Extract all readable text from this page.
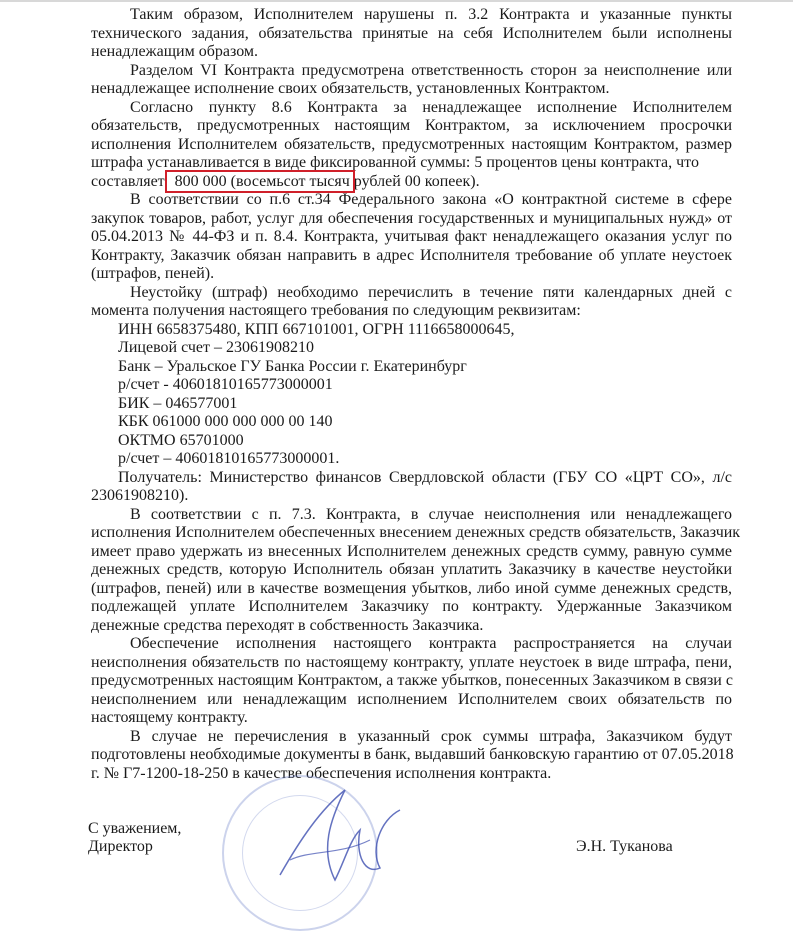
Таким образом, Исполнителем нарушены п. 3.2 Контракта и указанные пункты
технического задания, обязательства принятые на себя Исполнителем были исполнены
ненадлежащим образом.
Разделом VI Контракта предусмотрена ответственность сторон за неисполнение или
ненадлежащее исполнение своих обязательств, установленных Контрактом.
Согласно пункту 8.6 Контракта за ненадлежащее исполнение Исполнителем
обязательств, предусмотренных настоящим Контрактом, за исключением просрочки
исполнения Исполнителем обязательств, предусмотренных настоящим Контрактом, размер
штрафа устанавливается в виде фиксированной суммы: 5 процентов цены контракта, что
составляет 800 000 (восемьсот тысяч рублей 00 копеек).
В соответствии со п.6 ст.34 Федерального закона «О контрактной системе в сфере
закупок товаров, работ, услуг для обеспечения государственных и муниципальных нужд» от
05.04.2013 № 44-ФЗ и п. 8.4. Контракта, учитывая факт ненадлежащего оказания услуг по
Контракту, Заказчик обязан направить в адрес Исполнителя требование об уплате неустоек
(штрафов, пеней).
Неустойку (штраф) необходимо перечислить в течение пяти календарных дней с
момента получения настоящего требования по следующим реквизитам:
ИНН 6658375480, КПП 667101001, ОГРН 1116658000645,
Лицевой счет – 23061908210
Банк – Уральское ГУ Банка России г. Екатеринбург
р/счет - 40601810165773000001
БИК – 046577001
КБК 061000 000 000 000 00 140
ОКТМО 65701000
р/счет – 40601810165773000001.
Получатель: Министерство финансов Свердловской области (ГБУ СО «ЦРТ СО», л/с
23061908210).
В соответствии с п. 7.3. Контракта, в случае неисполнения или ненадлежащего
исполнения Исполнителем обеспеченных внесением денежных средств обязательств, Заказчик
имеет право удержать из внесенных Исполнителем денежных средств сумму, равную сумме
денежных средств, которую Исполнитель обязан уплатить Заказчику в качестве неустойки
(штрафов, пеней) или в качестве возмещения убытков, либо иной сумме денежных средств,
подлежащей уплате Исполнителем Заказчику по контракту. Удержанные Заказчиком
денежные средства переходят в собственность Заказчика.
Обеспечение исполнения настоящего контракта распространяется на случаи
неисполнения обязательств по настоящему контракту, уплате неустоек в виде штрафа, пени,
предусмотренных настоящим Контрактом, а также убытков, понесенных Заказчиком в связи с
неисполнением или ненадлежащим исполнением Исполнителем своих обязательств по
настоящему контракту.
В случае не перечисления в указанный срок суммы штрафа, Заказчиком будут
подготовлены необходимые документы в банк, выдавший банковскую гарантию от 07.05.2018
г. № Г7-1200-18-250 в качестве обеспечения исполнения контракта.
С уважением,
Директор	Э.Н. Туканова
